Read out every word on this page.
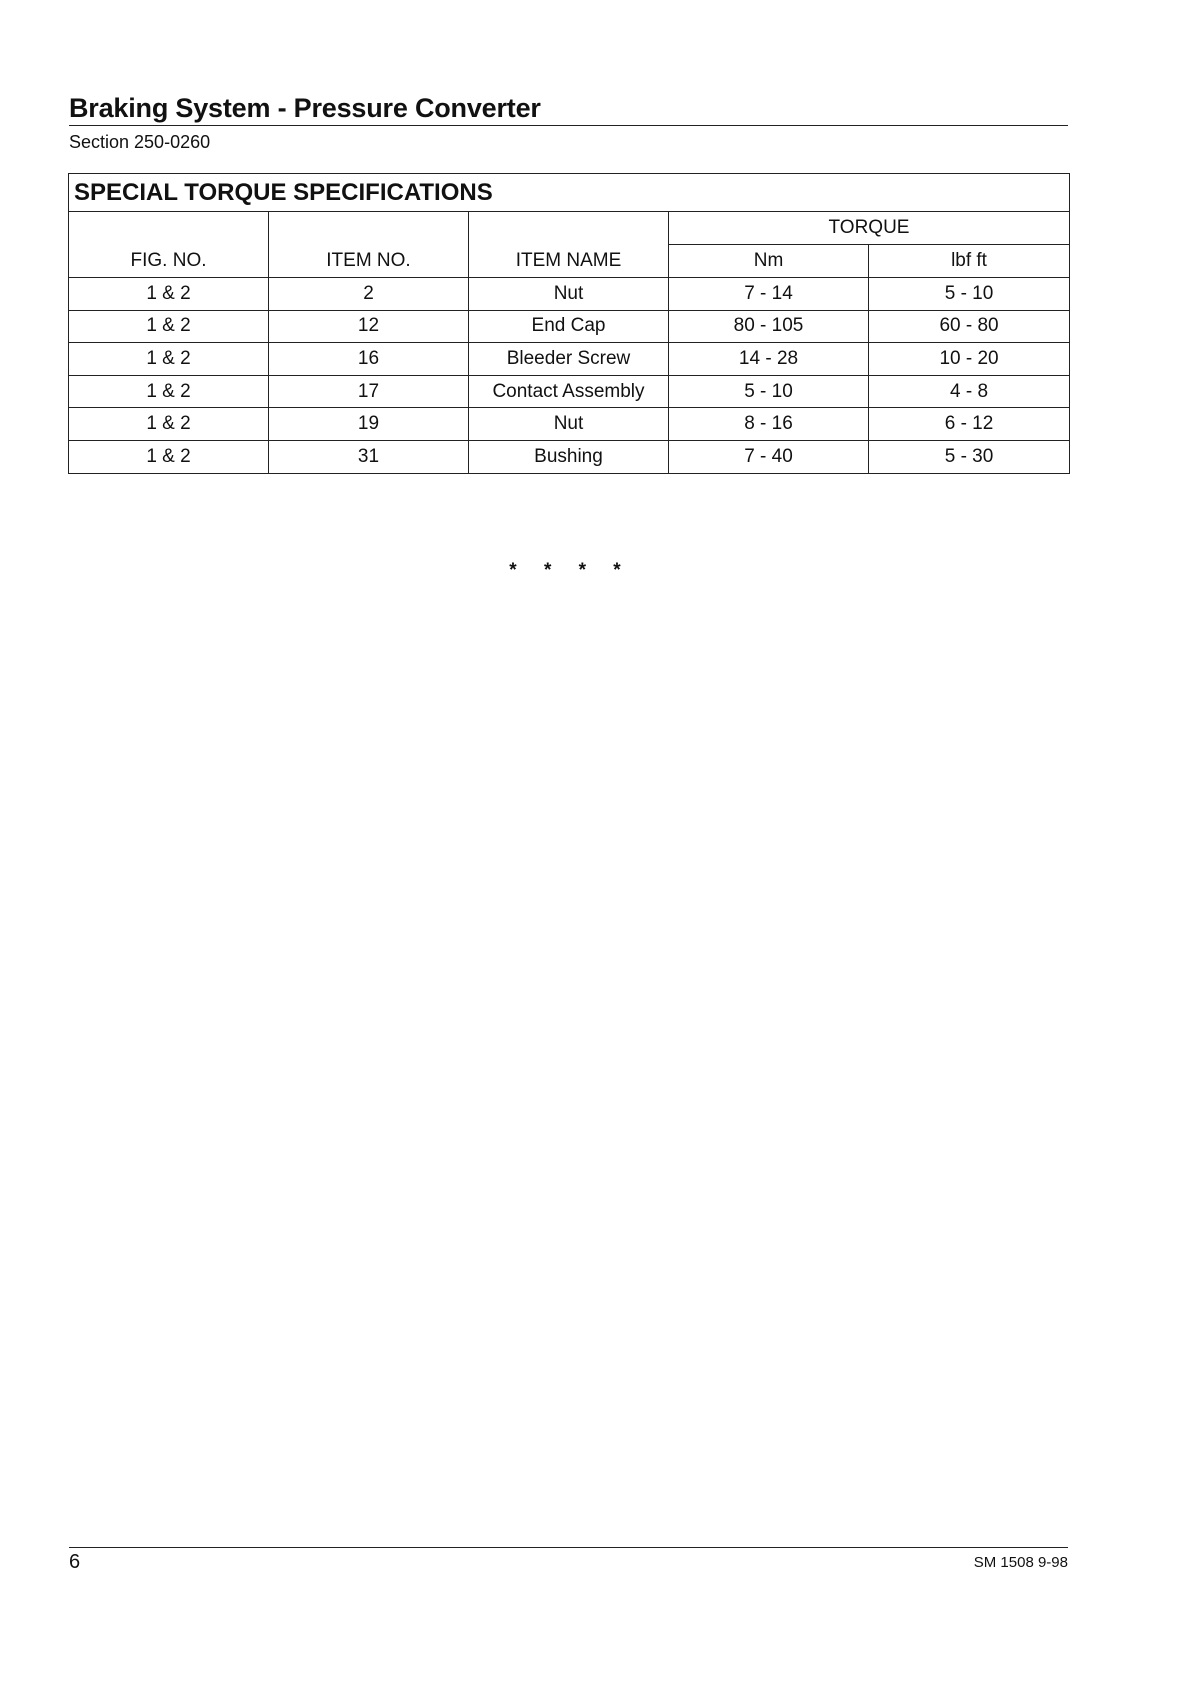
Braking System - Pressure Converter
Section 250-0260
SPECIAL TORQUE SPECIFICATIONS				
			TORQUE	
FIG. NO.	ITEM NO.	ITEM NAME	Nm	lbf ft
1 & 2	2	Nut	7 - 14	5 - 10
1 & 2	12	End Cap	80 - 105	60 - 80
1 & 2	16	Bleeder Screw	14 - 28	10 - 20
1 & 2	17	Contact Assembly	5 - 10	4 - 8
1 & 2	19	Nut	8 - 16	6 - 12
1 & 2	31	Bushing	7 - 40	5 - 30
* * * *
6	SM 1508 9-98
